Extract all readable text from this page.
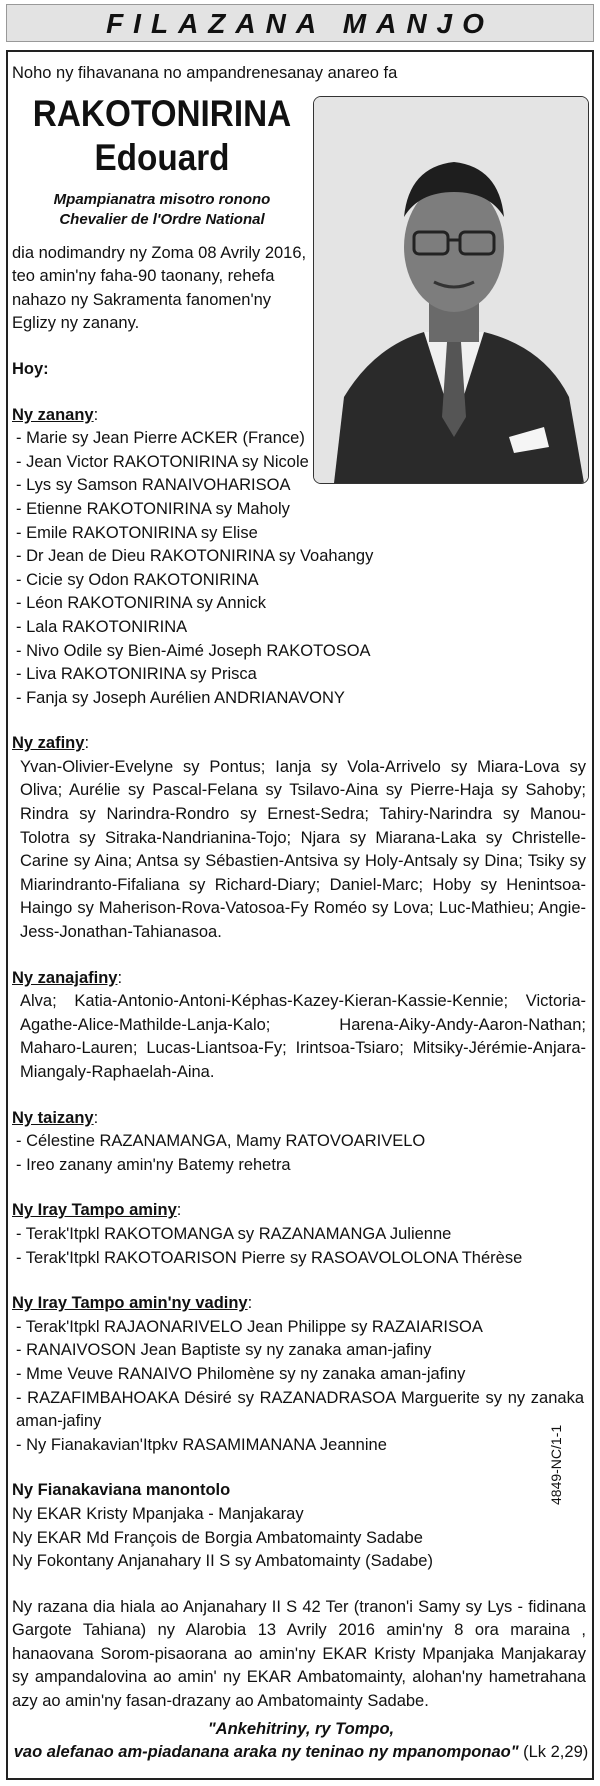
FILAZANA MANJO

Noho ny fihavanana no ampandrenesanay anareo fa

RAKOTONIRINA
Edouard
Mpampianatra misotro ronono
Chevalier de l'Ordre National
dia nodimandry ny Zoma 08 Avrily 2016, teo amin'ny faha-90 taonany, rehefa nahazo ny Sakramenta fanomen'ny Eglizy ny zanany.
Hoy:
Ny zanany:
- Marie sy Jean Pierre ACKER (France)
- Jean Victor RAKOTONIRINA sy Nicole
- Lys sy Samson RANAIVOHARISOA
- Etienne RAKOTONIRINA sy Maholy
- Emile RAKOTONIRINA sy Elise
- Dr Jean de Dieu RAKOTONIRINA sy Voahangy
- Cicie sy Odon RAKOTONIRINA
- Léon RAKOTONIRINA sy Annick
- Lala RAKOTONIRINA
- Nivo Odile sy Bien-Aimé Joseph RAKOTOSOA
- Liva RAKOTONIRINA sy Prisca
- Fanja sy Joseph Aurélien ANDRIANAVONY
Ny zafiny:
Yvan-Olivier-Evelyne sy Pontus; Ianja sy Vola-Arrivelo sy Miara-Lova sy Oliva; Aurélie sy Pascal-Felana sy Tsilavo-Aina sy Pierre-Haja sy Sahoby; Rindra sy Narindra-Rondro sy Ernest-Sedra; Tahiry-Narindra sy Manou-Tolotra sy Sitraka-Nandrianina-Tojo; Njara sy Miarana-Laka sy Christelle-Carine sy Aina; Antsa sy Sébastien-Antsiva sy Holy-Antsaly sy Dina; Tsiky sy Miarindranto-Fifaliana sy Richard-Diary; Daniel-Marc; Hoby sy Henintsoa-Haingo sy Maherison-Rova-Vatosoa-Fy Roméo sy Lova; Luc-Mathieu; Angie-Jess-Jonathan-Tahianasoa.
Ny zanajafiny:
Alva; Katia-Antonio-Antoni-Képhas-Kazey-Kieran-Kassie-Kennie; Victoria-Agathe-Alice-Mathilde-Lanja-Kalo; Harena-Aiky-Andy-Aaron-Nathan; Maharo-Lauren; Lucas-Liantsoa-Fy; Irintsoa-Tsiaro; Mitsiky-Jérémie-Anjara-Miangaly-Raphaelah-Aina.
Ny taizany:
- Célestine RAZANAMANGA, Mamy RATOVOARIVELO
- Ireo zanany amin'ny Batemy rehetra
Ny Iray Tampo aminy:
- Terak'Itpkl RAKOTOMANGA sy RAZANAMANGA Julienne
- Terak'Itpkl RAKOTOARISON Pierre sy RASOAVOLOLONA Thérèse
Ny Iray Tampo amin'ny vadiny:
- Terak'Itpkl RAJAONARIVELO Jean Philippe sy RAZAIARISOA
- RANAIVOSON Jean Baptiste sy ny zanaka aman-jafiny
- Mme Veuve RANAIVO Philomène sy ny zanaka aman-jafiny
- RAZAFIMBAHOAKA Désiré sy RAZANADRASOA Marguerite sy ny zanaka aman-jafiny
- Ny Fianakavian'Itpkv RASAMIMANANA Jeannine
Ny Fianakaviana manontolo
Ny EKAR Kristy Mpanjaka - Manjakaray
Ny EKAR Md François de Borgia Ambatomainty Sadabe
Ny Fokontany Anjanahary II S sy Ambatomainty (Sadabe)
Ny razana dia hiala ao Anjanahary II S 42 Ter (tranon'i Samy sy Lys - fidinana Gargote Tahiana) ny Alarobia 13 Avrily 2016 amin'ny 8 ora maraina , hanaovana Sorom-pisaorana ao amin'ny EKAR Kristy Mpanjaka Manjakaray sy ampandalovina ao amin' ny EKAR Ambatomainty, alohan'ny hametrahana azy ao amin'ny fasan-drazany ao Ambatomainty Sadabe.
"Ankehitriny, ry Tompo,
vao alefanao am-piadanana araka ny teninao ny mpanomponao" (Lk 2,29)
4849-NC/1-1
